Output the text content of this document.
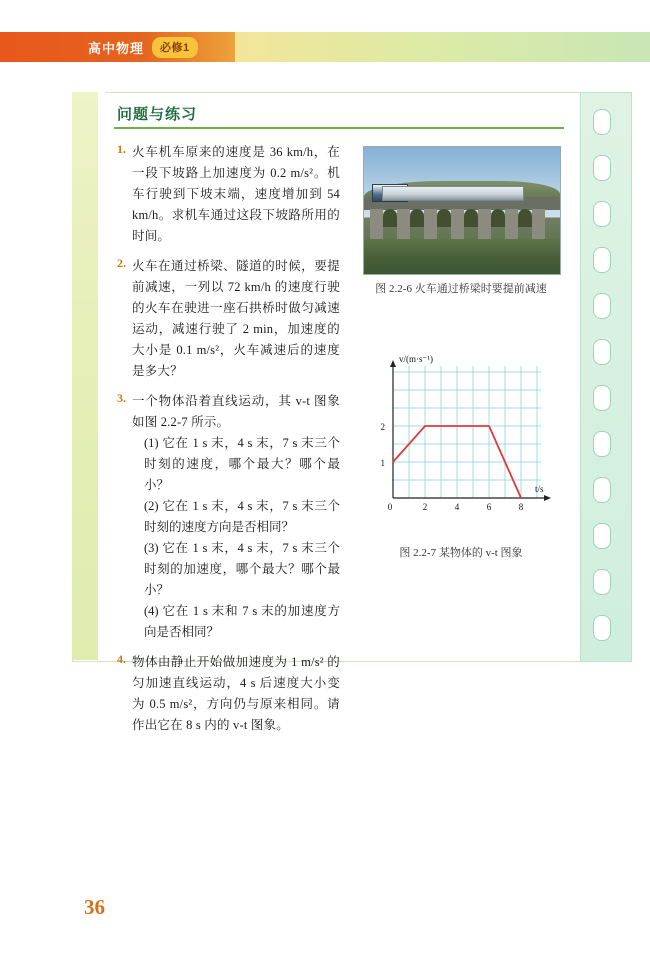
高中物理	必修1
问题与练习
1. 火车机车原来的速度是 36 km/h，在一段下坡路上加速度为 0.2 m/s²。机车行驶到下坡末端，速度增加到 54 km/h。求机车通过这段下坡路所用的时间。
2. 火车在通过桥梁、隧道的时候，要提前减速，一列以 72 km/h 的速度行驶的火车在驶进一座石拱桥时做匀减速运动，减速行驶了 2 min，加速度的大小是 0.1 m/s²，火车减速后的速度是多大？
3. 一个物体沿着直线运动，其 v-t 图象如图 2.2-7 所示。
(1) 它在 1 s 末，4 s 末，7 s 末三个时刻的速度，哪个最大？哪个最小？
(2) 它在 1 s 末，4 s 末，7 s 末三个时刻的速度方向是否相同？
(3) 它在 1 s 末，4 s 末，7 s 末三个时刻的加速度，哪个最大？哪个最小？
(4) 它在 1 s 末和 7 s 末的加速度方向是否相同？
4. 物体由静止开始做加速度为 1 m/s² 的匀加速直线运动，4 s 后速度大小变为 0.5 m/s²，方向仍与原来相同。请作出它在 8 s 内的 v-t 图象。
图 2.2-6 火车通过桥梁时要提前减速
2
1
0	2	4	6	8
v/(m·s⁻¹)
t/s
图 2.2-7 某物体的 v-t 图象
36
